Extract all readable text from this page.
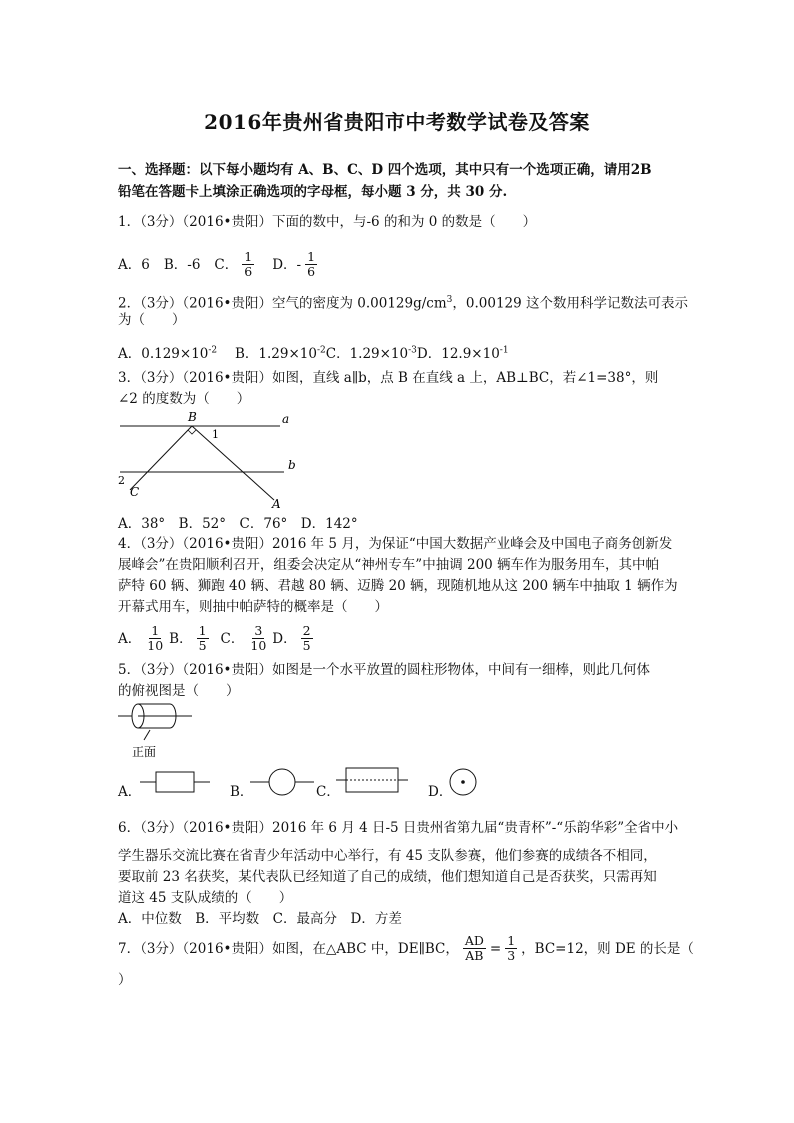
2016年贵州省贵阳市中考数学试卷及答案
一、选择题：以下每小题均有 A、B、C、D 四个选项，其中只有一个选项正确，请用2B
铅笔在答题卡上填涂正确选项的字母框，每小题 3 分，共 30 分.
1．（3分）（2016•贵阳）下面的数中，与-6 的和为 0 的数是（　　）
A．6 B．-6 C． $\frac{1}{6}$ D．- $\frac{1}{6}$
2．（3分）（2016•贵阳）空气的密度为 $0.00129g/cm^3$，0.00129 这个数用科学记数法可表示
为（　　）
A．$0.129\times 10^{-2}$　 B．$1.29\times 10^{-2}C$．$1.29\times 10^{-3}D$．$12.9\times 10^{-1}$
3．（3分）（2016•贵阳）如图，直线 a∥b，点 B 在直线 a 上，AB⊥BC，若∠1=38°，则
∠2 的度数为（　　）
B	a
b
1
2
C
A
A．38°　B．52°　C．76°　D．142°
4．（3分）（2016•贵阳）2016 年 5 月，为保证“中国大数据产业峰会及中国电子商务创新发
展峰会”在贵阳顺利召开，组委会决定从“神州专车”中抽调 200 辆车作为服务用车，其中帕
萨特 60 辆、狮跑 40 辆、君越 80 辆、迈腾 20 辆，现随机地从这 200 辆车中抽取 1 辆作为
开幕式用车，则抽中帕萨特的概率是（　　）
A． $\frac{1}{10}$ B． $\frac{1}{5}$ C． $\frac{3}{10}$ D． $\frac{2}{5}$
5．（3分）（2016•贵阳）如图是一个水平放置的圆柱形物体，中间有一细棒，则此几何体
的俯视图是（　　）
正面
A．	B．	C．	D．
6．（3分）（2016•贵阳）2016 年 6 月 4 日-5 日贵州省第九届“贵青杯”-“乐韵华彩”全省中小
学生器乐交流比赛在省青少年活动中心举行，有 45 支队参赛，他们参赛的成绩各不相同，
要取前 23 名获奖，某代表队已经知道了自己的成绩，他们想知道自己是否获奖，只需再知
道这 45 支队成绩的（　　）
A．中位数　B．平均数　C．最高分　D．方差
7．（3分）（2016•贵阳）如图，在△ABC 中，DE∥BC， $\frac{AD}{AB} = \frac{1}{3}$ ，BC=12，则 DE 的长是（
）
